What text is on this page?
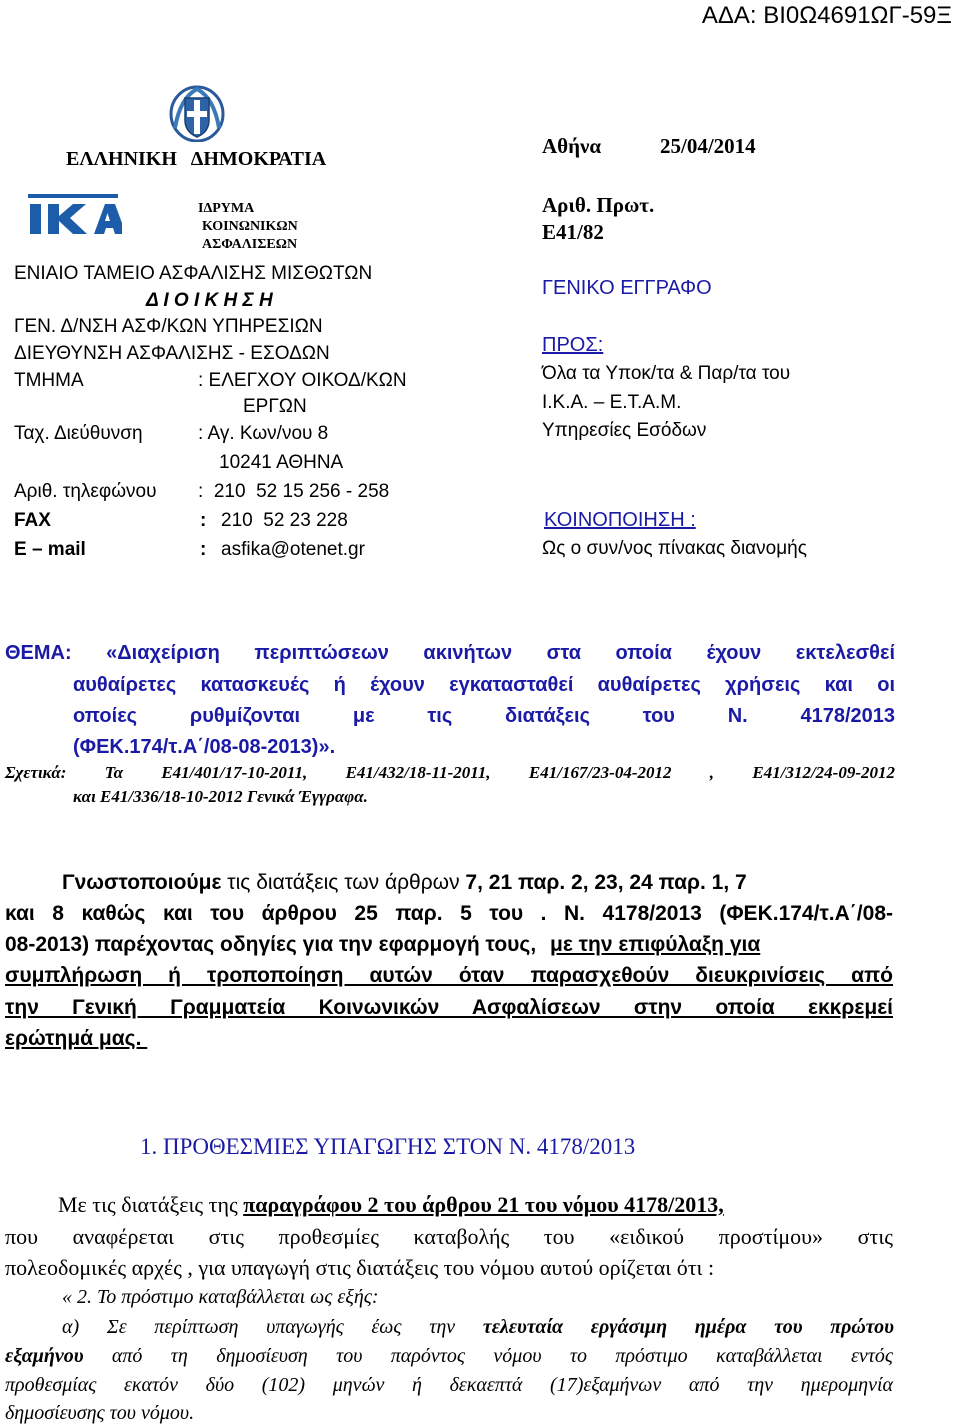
ΑΔΑ: ΒΙ0Ω4691ΩΓ-59Ξ
ΕΛΛΗΝΙΚΗ   ΔΗΜΟΚΡΑΤΙΑ
ΙΔΡΥΜΑ
ΚΟΙΝΩΝΙΚΩΝ
ΑΣΦΑΛΙΣΕΩΝ
ΕΝΙΑΙΟ ΤΑΜΕΙΟ ΑΣΦΑΛΙΣΗΣ ΜΙΣΘΩΤΩΝ
Δ Ι Ο Ι Κ Η Σ Η
ΓΕΝ. Δ/ΝΣΗ ΑΣΦ/ΚΩΝ ΥΠΗΡΕΣΙΩΝ
ΔΙΕΥΘΥΝΣΗ ΑΣΦΑΛΙΣΗΣ - ΕΣΟΔΩΝ
ΤΜΗΜΑ	: ΕΛΕΓΧΟΥ ΟΙΚΟΔ/ΚΩΝ
ΕΡΓΩΝ
Ταχ. Διεύθυνση	: Αγ. Κων/νου 8
10241 ΑΘΗΝΑ
Αριθ. τηλεφώνου :  210  52 15 256 - 258
FAX	: 210  52 23 228
E – mail	: asfika@otenet.gr
Αθήνα	25/04/2014
Αριθ. Πρωτ.
Ε41/82
ΓΕΝΙΚΟ ΕΓΓΡΑΦΟ
ΠΡΟΣ:
Όλα τα Υποκ/τα & Παρ/τα του
Ι.Κ.Α. – Ε.Τ.Α.Μ.
Υπηρεσίες Εσόδων
ΚΟΙΝΟΠΟΙΗΣΗ :
Ως ο συν/νος πίνακας διανομής
ΘΕΜΑ: «Διαχείριση περιπτώσεων ακινήτων στα οποία έχουν εκτελεσθεί
αυθαίρετες κατασκευές ή έχουν εγκατασταθεί αυθαίρετες χρήσεις και οι
οποίες ρυθμίζονται με τις διατάξεις του Ν. 4178/2013
(ΦΕΚ.174/τ.Α΄/08-08-2013)».
Σχετικά: Τα Ε41/401/17-10-2011, Ε41/432/18-11-2011, Ε41/167/23-04-2012 , Ε41/312/24-09-2012
και Ε41/336/18-10-2012 Γενικά Έγγραφα.
Γνωστοποιούμε τις διατάξεις των άρθρων 7, 21 παρ. 2, 23, 24 παρ. 1, 7
και 8 καθώς και του άρθρου 25 παρ. 5 του . Ν. 4178/2013 (ΦΕΚ.174/τ.Α΄/08-
08-2013) παρέχοντας οδηγίες για την εφαρμογή τους, με την επιφύλαξη για
συμπλήρωση ή τροποποίηση αυτών όταν παρασχεθούν διευκρινίσεις από
την Γενική Γραμματεία Κοινωνικών Ασφαλίσεων στην οποία εκκρεμεί
ερώτημά μας.
1. ΠΡΟΘΕΣΜΙΕΣ ΥΠΑΓΩΓΗΣ ΣΤΟΝ Ν. 4178/2013
Με τις διατάξεις της παραγράφου 2 του άρθρου 21 του νόμου 4178/2013,
που αναφέρεται στις προθεσμίες καταβολής του «ειδικού προστίμου» στις
πολεοδομικές αρχές , για υπαγωγή στις διατάξεις του νόμου αυτού ορίζεται ότι :
« 2. Το πρόστιμο καταβάλλεται ως εξής:
α) Σε περίπτωση υπαγωγής έως την τελευταία εργάσιμη ημέρα του πρώτου
εξαμήνου από τη δημοσίευση του παρόντος νόμου το πρόστιμο καταβάλλεται εντός
προθεσμίας εκατόν δύο (102) μηνών ή δεκαεπτά (17)εξαμήνων από την ημερομηνία
δημοσίευσης του νόμου.
